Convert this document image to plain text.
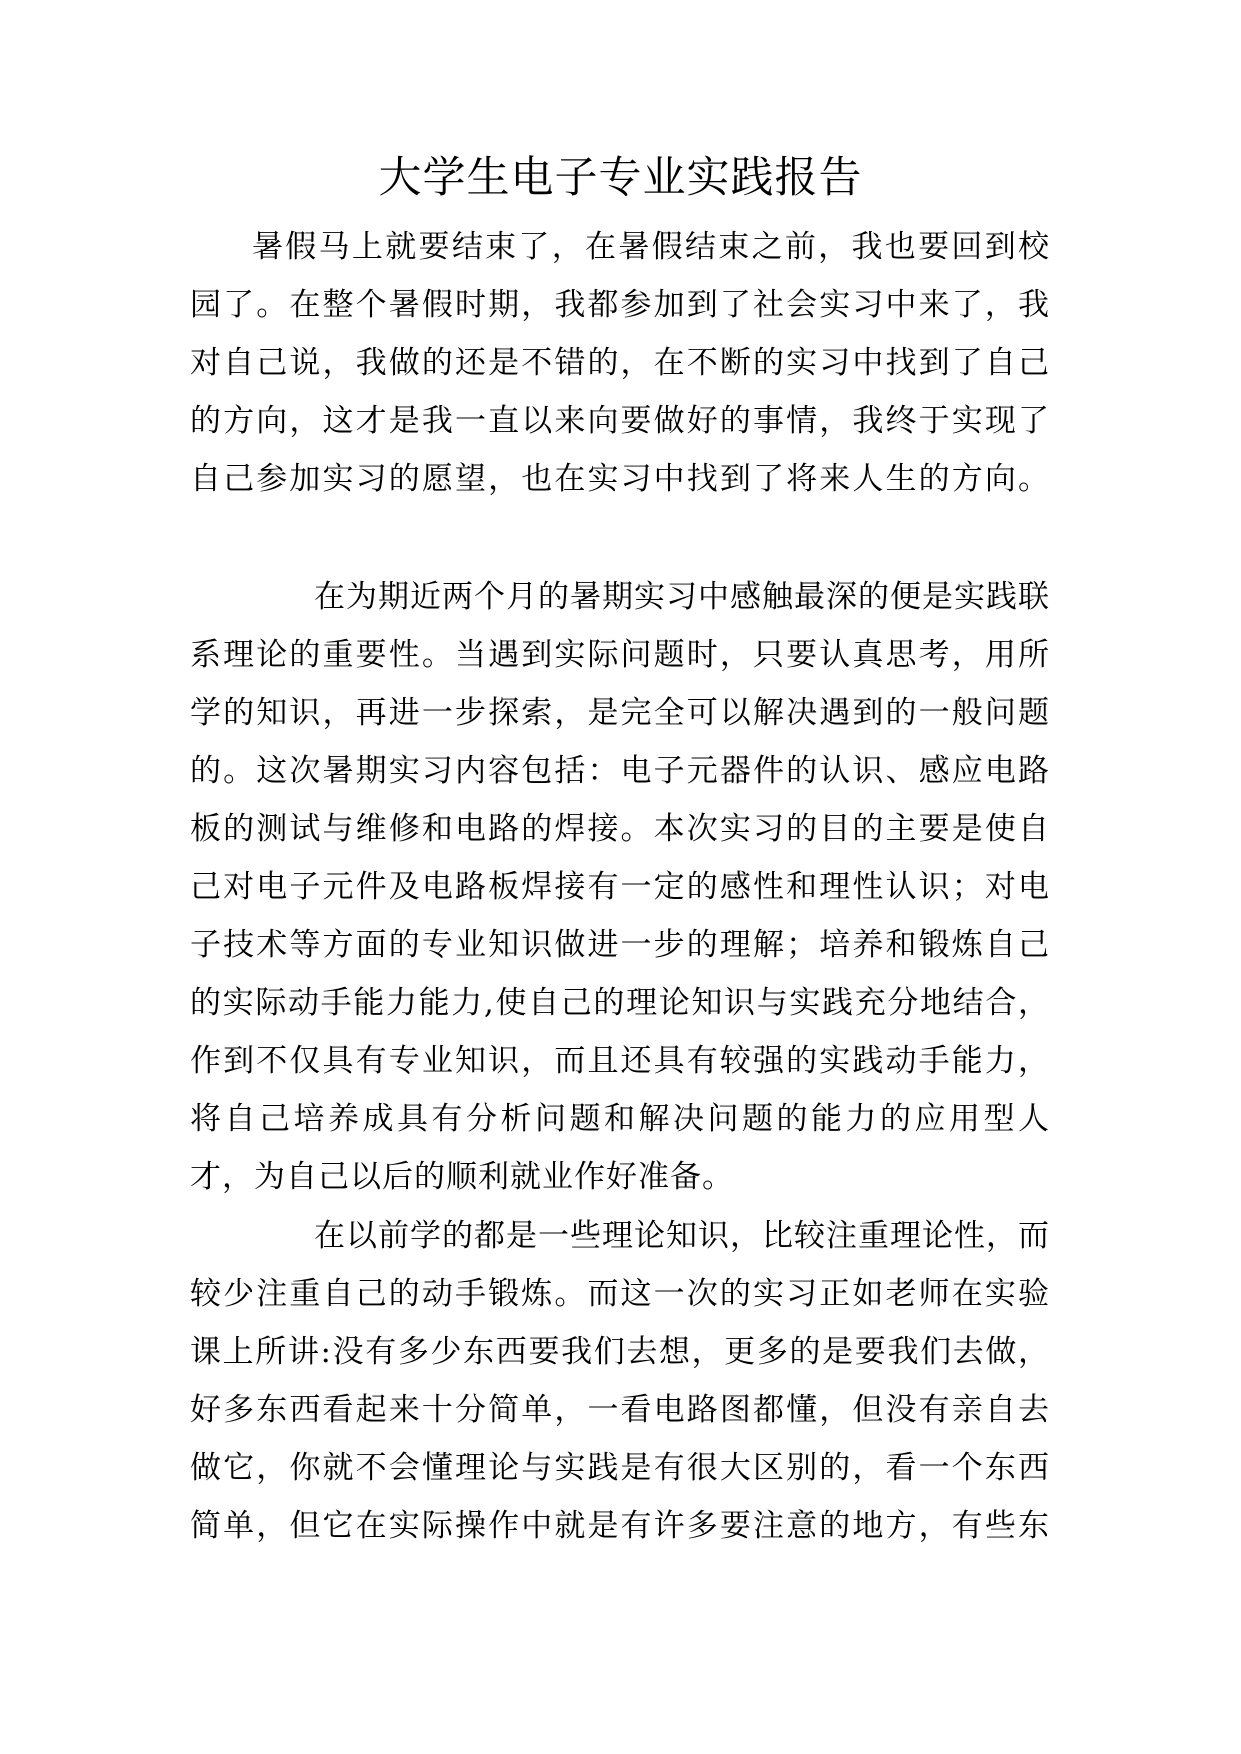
大学生电子专业实践报告
暑假马上就要结束了，在暑假结束之前，我也要回到校
园了。在整个暑假时期，我都参加到了社会实习中来了，我
对自己说，我做的还是不错的，在不断的实习中找到了自己
的方向，这才是我一直以来向要做好的事情，我终于实现了
自己参加实习的愿望，也在实习中找到了将来人生的方向。
在为期近两个月的暑期实习中感触最深的便是实践联
系理论的重要性。当遇到实际问题时，只要认真思考，用所
学的知识，再进一步探索，是完全可以解决遇到的一般问题
的。这次暑期实习内容包括：电子元器件的认识、感应电路
板的测试与维修和电路的焊接。本次实习的目的主要是使自
己对电子元件及电路板焊接有一定的感性和理性认识；对电
子技术等方面的专业知识做进一步的理解；培养和锻炼自己
的实际动手能力能力,使自己的理论知识与实践充分地结合，
作到不仅具有专业知识，而且还具有较强的实践动手能力，
将自己培养成具有分析问题和解决问题的能力的应用型人
才，为自己以后的顺利就业作好准备。
在以前学的都是一些理论知识，比较注重理论性，而
较少注重自己的动手锻炼。而这一次的实习正如老师在实验
课上所讲:没有多少东西要我们去想，更多的是要我们去做，
好多东西看起来十分简单，一看电路图都懂，但没有亲自去
做它，你就不会懂理论与实践是有很大区别的，看一个东西
简单，但它在实际操作中就是有许多要注意的地方，有些东
